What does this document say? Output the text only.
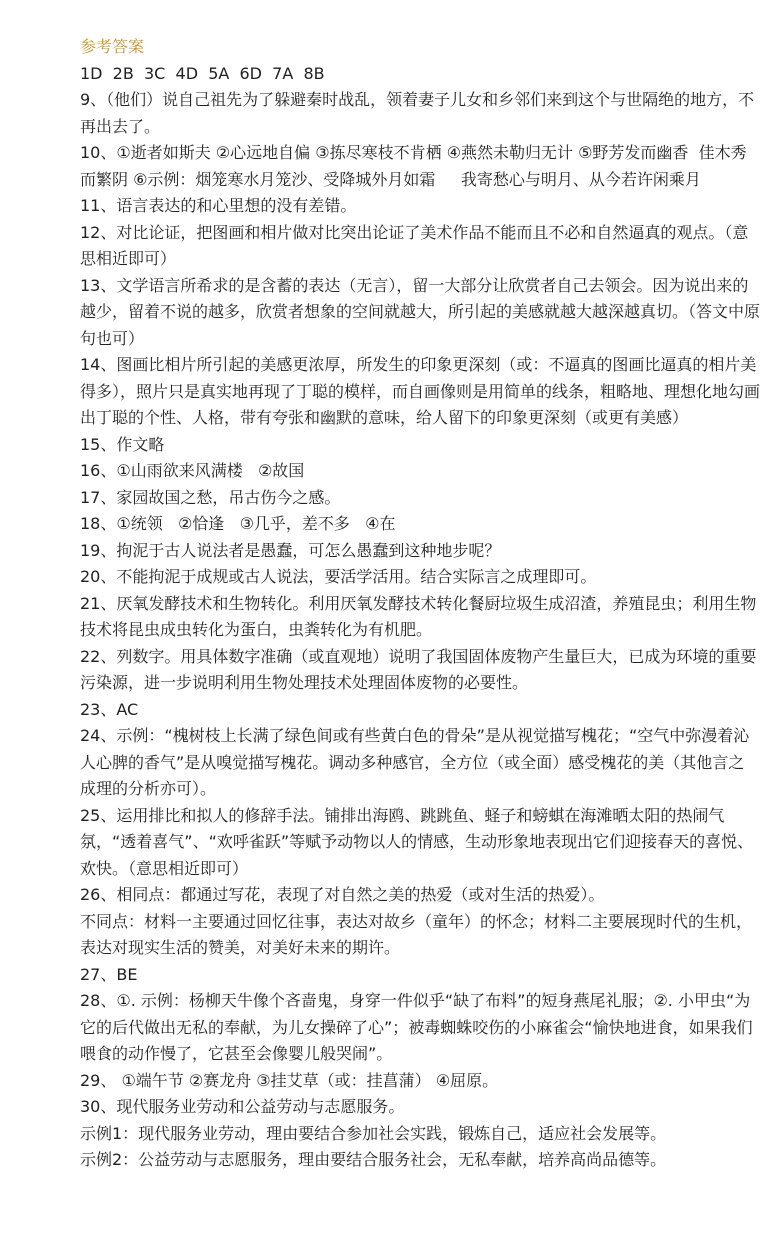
参考答案

1D  2B  3C  4D  5A  6D  7A  8B

9、（他们）说自己祖先为了躲避秦时战乱，领着妻子儿女和乡邻们来到这个与世隔绝的地方，不再出去了。

10、①逝者如斯夫 ②心远地自偏 ③拣尽寒枝不肯栖 ④燕然未勒归无计 ⑤野芳发而幽香  佳木秀而繁阴 ⑥示例：烟笼寒水月笼沙、受降城外月如霜     我寄愁心与明月、从今若许闲乘月

11、语言表达的和心里想的没有差错。

12、对比论证，把图画和相片做对比突出论证了美术作品不能而且不必和自然逼真的观点。（意思相近即可）

13、文学语言所希求的是含蓄的表达（无言），留一大部分让欣赏者自己去领会。因为说出来的越少，留着不说的越多，欣赏者想象的空间就越大，所引起的美感就越大越深越真切。（答文中原句也可）

14、图画比相片所引起的美感更浓厚，所发生的印象更深刻（或：不逼真的图画比逼真的相片美得多），照片只是真实地再现了丁聪的模样，而自画像则是用简单的线条，粗略地、理想化地勾画出丁聪的个性、人格，带有夸张和幽默的意味，给人留下的印象更深刻（或更有美感）

15、作文略

16、①山雨欲来风满楼   ②故国

17、家园故国之愁，吊古伤今之感。

18、①统领   ②恰逢   ③几乎，差不多   ④在

19、拘泥于古人说法者是愚蠢，可怎么愚蠢到这种地步呢？

20、不能拘泥于成规或古人说法，要活学活用。结合实际言之成理即可。

21、厌氧发酵技术和生物转化。利用厌氧发酵技术转化餐厨垃圾生成沼渣，养殖昆虫；利用生物技术将昆虫成虫转化为蛋白，虫粪转化为有机肥。

22、列数字。用具体数字准确（或直观地）说明了我国固体废物产生量巨大，已成为环境的重要污染源，进一步说明利用生物处理技术处理固体废物的必要性。

23、AC

24、示例：“槐树枝上长满了绿色间或有些黄白色的骨朵”是从视觉描写槐花；“空气中弥漫着沁人心脾的香气”是从嗅觉描写槐花。调动多种感官，全方位（或全面）感受槐花的美（其他言之成理的分析亦可）。

25、运用排比和拟人的修辞手法。铺排出海鸥、跳跳鱼、蛏子和螃蜞在海滩晒太阳的热闹气氛，“透着喜气”、“欢呼雀跃”等赋予动物以人的情感，生动形象地表现出它们迎接春天的喜悦、欢快。（意思相近即可）

26、相同点：都通过写花，表现了对自然之美的热爱（或对生活的热爱）。

不同点：材料一主要通过回忆往事，表达对故乡（童年）的怀念；材料二主要展现时代的生机，表达对现实生活的赞美，对美好未来的期许。

27、BE

28、①. 示例：杨柳天牛像个吝啬鬼，身穿一件似乎“缺了布料”的短身燕尾礼服；②. 小甲虫“为它的后代做出无私的奉献，为儿女操碎了心”；被毒蜘蛛咬伤的小麻雀会“愉快地进食，如果我们喂食的动作慢了，它甚至会像婴儿般哭闹”。

29、 ①端午节 ②赛龙舟 ③挂艾草（或：挂菖蒲） ④屈原。

30、现代服务业劳动和公益劳动与志愿服务。

示例1：现代服务业劳动，理由要结合参加社会实践，锻炼自己，适应社会发展等。

示例2：公益劳动与志愿服务，理由要结合服务社会，无私奉献，培养高尚品德等。
